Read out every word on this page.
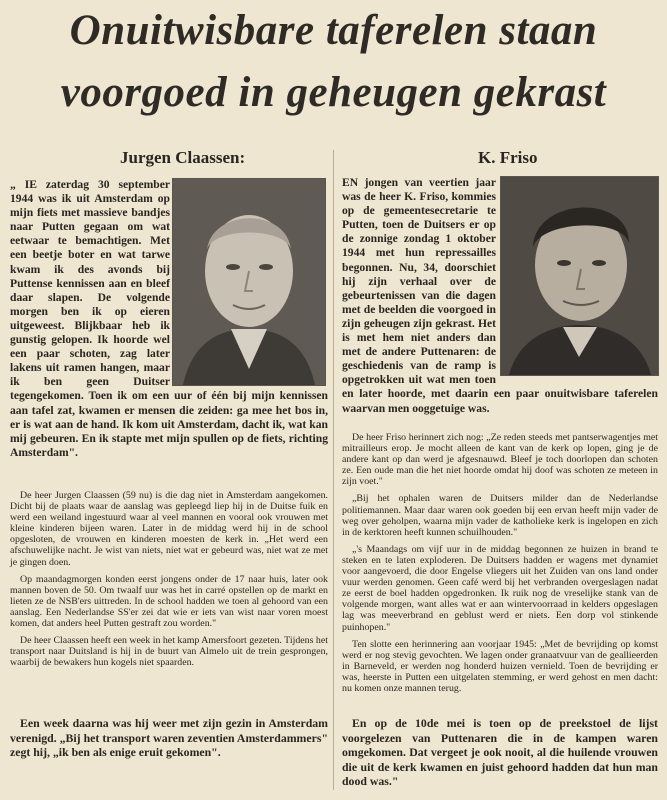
Onuitwisbare taferelen staan
voorgoed in geheugen gekrast
Jurgen Claassen:
„ IE zaterdag 30 september 1944 was ik uit Amsterdam op mijn fiets met massieve bandjes naar Putten gegaan om wat eetwaar te bemachtigen. Met een beetje boter en wat tarwe kwam ik des avonds bij Puttense kennissen aan en bleef daar slapen. De volgende morgen ben ik op eieren uitgeweest. Blijkbaar heb ik gunstig gelopen. Ik hoorde wel een paar schoten, zag later lakens uit ramen hangen, maar ik ben geen Duitser tegengekomen. Toen ik om een uur of één bij mijn kennissen aan tafel zat, kwamen er mensen die zeiden: ga mee het bos in, er is wat aan de hand. Ik kom uit Amsterdam, dacht ik, wat kan mij gebeuren. En ik stapte met mijn spullen op de fiets, richting Amsterdam".

De heer Jurgen Claassen (59 nu) is die dag niet in Amsterdam aangekomen. Dicht bij de plaats waar de aanslag was gepleegd liep hij in de Duitse fuik en werd een weiland ingestuurd waar al veel mannen en vooral ook vrouwen met kleine kinderen bijeen waren. Later in de middag werd hij in de school opgesloten, de vrouwen en kinderen moesten de kerk in. „Het werd een afschuwelijke nacht. Je wist van niets, niet wat er gebeurd was, niet wat ze met je gingen doen.

Op maandagmorgen konden eerst jongens onder de 17 naar huis, later ook mannen boven de 50. Om twaalf uur was het in carré opstellen op de markt en lieten ze de NSB'ers uittreden. In de school hadden we toen al gehoord van een aanslag. Een Nederlandse SS'er zei dat wie er iets van wist naar voren moest komen, dat anders heel Putten gestraft zou worden."

De heer Claassen heeft een week in het kamp Amersfoort gezeten. Tijdens het transport naar Duitsland is hij in de buurt van Almelo uit de trein gesprongen, waarbij de bewakers hun kogels niet spaarden.

Een week daarna was hij weer met zijn gezin in Amsterdam verenigd. „Bij het transport waren zeventien Amsterdammers" zegt hij, „ik ben als enige eruit gekomen".

K. Friso
EN jongen van veertien jaar was de heer K. Friso, kommies op de gemeentesecretarie te Putten, toen de Duitsers er op de zonnige zondag 1 oktober 1944 met hun repressailles begonnen. Nu, 34, doorschiet hij zijn verhaal over de gebeurtenissen van die dagen met de beelden die voorgoed in zijn geheugen zijn gekrast. Het is met hem niet anders dan met de andere Puttenaren: de geschiedenis van de ramp is opgetrokken uit wat men toen en later hoorde, met daarin een paar onuitwisbare taferelen waarvan men ooggetuige was.

De heer Friso herinnert zich nog: „Ze reden steeds met pantserwagentjes met mitrailleurs erop. Je mocht alleen de kant van de kerk op lopen, ging je de andere kant op dan werd je afgesnauwd. Bleef je toch doorlopen dan schoten ze. Een oude man die het niet hoorde omdat hij doof was schoten ze meteen in zijn voet."

„Bij het ophalen waren de Duitsers milder dan de Nederlandse politiemannen. Maar daar waren ook goeden bij een ervan heeft mijn vader de weg over geholpen, waarna mijn vader de katholieke kerk is ingelopen en zich in de kerktoren heeft kunnen schuilhouden."

„'s Maandags om vijf uur in de middag begonnen ze huizen in brand te steken en te laten exploderen. De Duitsers hadden er wagens met dynamiet voor aangevoerd, die door Engelse vliegers uit het Zuiden van ons land onder vuur werden genomen. Geen café werd bij het verbranden overgeslagen nadat ze eerst de boel hadden opgedronken. Ik ruik nog de vreselijke stank van de volgende morgen, want alles wat er aan wintervoorraad in kelders opgeslagen lag was meeverbrand en geblust werd er niets. Een dorp vol stinkende puinhopen."

Ten slotte een herinnering aan voorjaar 1945: „Met de bevrijding op komst werd er nog stevig gevochten. We lagen onder granaatvuur van de geallieerden in Barneveld, er werden nog honderd huizen vernield. Toen de bevrijding er was, heerste in Putten een uitgelaten stemming, er werd gehost en men dacht: nu komen onze mannen terug.

En op de 10de mei is toen op de preekstoel de lijst voorgelezen van Puttenaren die in de kampen waren omgekomen. Dat vergeet je ook nooit, al die huilende vrouwen die uit de kerk kwamen en juist gehoord hadden dat hun man dood was."
